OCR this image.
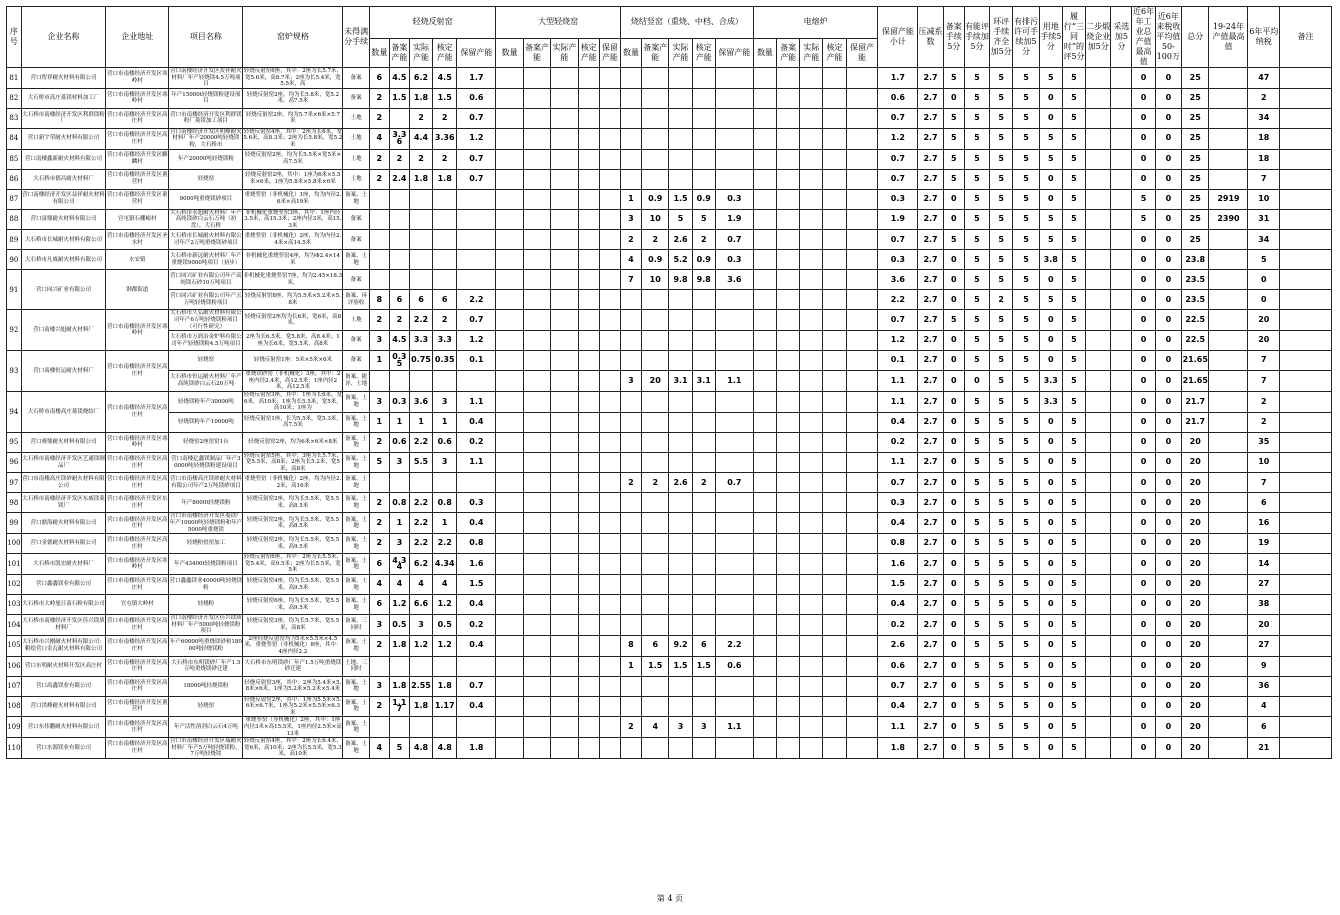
序号	企业名称	企业地址	项目名称	窑炉规格	未得满分手续	轻烧反射窑					大型轻烧窑					烧结竖窑（重烧、中档、合成）					电熔炉					保留产能小计	压减系数	备案手续5分	有能评手续加5分	环评手续齐全加5分	有排污许可手续加5分	用地手续5分	履行“三同时”的评5分	二步煅烧企业加5分	采选加5分	近6年年工业总产值最高值	近6年来税收平均值50-100万	总分	19-24年产值最高值	6年平均纳税	备注
						数量	备案产能	实际产能	核定产能	保留产能	数量	备案产能	实际产能	核定产能	保留产能	数量	备案产能	实际产能	核定产能	保留产能	数量	备案产能	实际产能	核定产能	保留产能																
81	营口贺祥耐火材料有限公司	营口市南楼经济开发区寒岭村	营口南楼经济开发区贺祥耐火材料厂年产轻烧镁4.5万吨项目	轻烧反射窑6座，其中：2座为长5.7米，宽5.6米，高8.7米；2座为长5.4米，宽5.5米，高	备案	6	4.5	6.2	4.5	1.7																1.7	2.7	5	5	5	5	5	5			0	0	25		47	
82	大石桥市高庄菱镁材料加工厂	营口市南楼经济开发区寒岭村	年产15000t轻烧镁粉建设项目	轻烧反射窑2座，均为长5.8米，宽5.2米，高7.5米	备案	2	1.5	1.8	1.5	0.6																0.6	2.7	0	5	5	5	0	5			0	0	25		2	
83	大石桥市南楼经济开发区利群镁粉厂	营口市南楼经济开发区高庄村	营口市南楼经济开发区利群镁粉厂菱镁加工项目	轻烧反射窑2座，均为5.7米×6米×5.7米	土地	2		2	2	0.7																0.7	2.7	5	5	5	5	0	5			0	0	25		34	
84	营口新宇荣耐火材料有限公司	营口市南楼经济开发区高庄村	营口南楼经济开发区明峰耐火材料厂年产20000吨轻烧镁粉，大石桥市	轻烧反射窑4座，其中：2座为长6米，宽5.6米，高8.3米；2座为长5.8米，宽5.2米	土地	4	3.36	4.4	3.36	1.2																1.2	2.7	5	5	5	5	5	5			0	0	25		18	
85	营口南楼鑫新耐火材料有限公司	营口市南楼经济开发区麒麟村	年产20000吨轻烧镁粉	轻烧反射窑2座，均为长5.5米×宽5米×高7.5米	土地	2	2	2	2	0.7																0.7	2.7	5	5	5	5	5	5			0	0	25		18	
86	大石桥市德昌耐火材料厂	营口市南楼经济开发区董营村	轻烧窑	轻烧反射窑2座，其中：1座为6米×5.5米×6米，1座为5.8米×5.8米×6米	土地	2	2.4	1.8	1.8	0.7																0.7	2.7	5	5	5	5	0	5			0	0	25		7	
87	营口南楼经济开发区益祥耐火材料有限公司	营口市南楼经济开发区董营村	9000吨重烧镁砂项目	重烧竖窑（非机械化）1座，均为内径2.6米×高19米	备案、土地											1	0.9	1.5	0.9	0.3						0.3	2.7	0	5	5	5	0	5			5	0	25	2919	10	
88	营口富鼎耐火材料有限公司	官屯镇石棚峪村	大石桥市永旭耐火材料厂年产高纯镁砂白云石万吨（初盘），大石桥	非机械化重烧竖窑3座，其中：1座内径3.5米，高15.3米；2座内径3米，高15.3米	备案											3	10	5	5	1.9						1.9	2.7	0	5	5	5	5	5			5	0	25	2390	31	
89	大石桥市长城耐火材料有限公司	营口市南楼经济开发区圣水村	大石桥市长城耐火材料有限公司年产2万吨重烧镁砂项目	重烧竖窑（非机械化）2座，均为内径2.4米×高14.5米	备案											2	2	2.6	2	0.7						0.7	2.7	5	5	5	5	5	5			0	0	25		34	
90	大石桥市凡威耐火材料有限公司	水安镇	大石桥市新远耐火材料厂年产重烧镁9000吨项目（初步）	非机械化重烧竖窑4座，均为Φ2.4×14米	备案、土地											4	0.9	5.2	0.9	0.3						0.3	2.7	0	5	5	5	3.8	5			0	0	23.8		5	
91	营口同兴矿业有限公司	钢都街道	营口同兴矿业有限公司年产高纯镁石砂10万吨项目	非机械化重烧竖窑7座，均为2.45×18.3米，	备案											7	10	9.8	9.8	3.6						3.6	2.7	0	5	5	5	0	5			0	0	23.5		0	
			营口同兴矿业有限公司年产五万吨轻烧镁粉项目	轻烧反射窑8座，均为5.5米×5.2米×5.8米	备案、环评验收	8	6	6	6	2.2																2.2	2.7	0	5	2	5	5	5			0	0	23.5		0	
92	营口南楼兴旭耐火材料厂	营口市南楼经济开发区寒岭村	大石桥市久弘耐火材料有限公司年产6万吨轻烧镁粉项目（可行性研究）	轻烧反射窑2座均为长6米，宽6米，高8米。	土地	2	2	2.2	2	0.7																0.7	2.7	5	5	5	5	0	5			0	0	22.5		20	
			大石桥市万润冶金炉料有限公司年产轻烧镁粉4.5万吨项目	2座为长6.5米，宽5.8米，高8.4米；1座为长6米，宽5.5米，高8米	备案	3	4.5	3.3	3.3	1.2																1.2	2.7	0	5	5	5	0	5			0	0	22.5		20	
93	营口南楼恒运耐火材料厂	营口市南楼经济开发区高庄村	轻烧窑	轻烧反射窑1座：5米×5米×6米	备案	1	0.35	0.75	0.35	0.1																0.1	2.7	0	5	5	5	0	5			0	0	21.65		7	
			大石桥市恒运耐火材料厂年产高纯镁砂白云石20万吨	重烧镁砂窑（非机械化）3座，其中：2座内径2.4米，高12.5米；1座内径2米，高12.5米	备案、能评、土地											3	20	3.1	3.1	1.1						1.1	2.7	0	0	5	5	3.3	5			0	0	21.65		7	
94	大石桥市南楼高庄菱镁烧结厂	营口市南楼经济开发区高庄村	轻烧镁粉年产30000吨	轻烧反射窑3座，其中：1座为长6米，宽6米，高10米；1座为长5.5米，宽5米，高10米；1座为	备案、土地	3	0.3	3.6	3	1.1																1.1	2.7	0	5	5	5	3.3	5			0	0	21.7		2	
			轻烧镁粉年产10000吨	轻烧反射窑1座，长为5.5米，宽5.3米，高7.5米	备案、土地	1	1	1	1	0.4																0.4	2.7	0	5	5	5	0	5			0	0	21.7		2	
95	营口赛鼎耐火材料有限公司	营口市南楼经济开发区寒岭村	轻烧窑2座窑窑1台	轻烧反射窑2座，均为6米×6米×8米	备案、土地	2	0.6	2.2	0.6	0.2																0.2	2.7	0	5	5	5	0	5			0	0	20		35	
96	大石桥市南楼经济开发区艺通镁制品厂	营口市南楼经济开发区高庄村	营口南楼亿鑫镁制品厂年产30000吨轻烧镁粉建设项目	轻烧反射窑5座，其中：3座为长5.7米，宽5.5米，高8米；2座为长5.2米，宽5米，高8米	备案、土地	5	3	5.5	3	1.1																1.1	2.7	0	5	5	5	0	5			0	0	20		10	
97	营口市南楼高庄镁砂耐火材料有限公司	营口市南楼经济开发区高庄村	营口市南楼高庄镁砂耐火材料有限公司年产2万吨镁砂项目	重烧竖窑（非机械化）2座，均为内径2.2米，高16米	备案、土地											2	2	2.6	2	0.7						0.7	2.7	0	5	5	5	0	5			0	0	20		7	
98	大石桥市南楼经济开发区东威镁菱镁厂	营口市南楼经济开发区东庄村	年产8000t轻烧镁粉	轻烧反射窑2座，均为长5.5米，宽5.5米，高8.5米	备案、土地	2	0.8	2.2	0.8	0.3																0.3	2.7	0	5	5	5	0	5			0	0	20		6	
99	营口鼎海耐火材料有限公司	营口市南楼经济开发区高庄村	营口市南楼经济开发区菱镁厂年产10000吨轻烧镁粉和年产5000吨重烧镁	轻烧反射窑2座，均为长5.5米，宽5.5米，高8.5米	备案、土地	2	1	2.2	1	0.4																0.4	2.7	0	5	5	5	0	5			0	0	20		16	
100	营口金德耐火材料有限公司	营口市南楼经济开发区高庄村	轻烧粉窑窑加工	轻烧反射窑2座，均为长5.5米，宽5.5米，高9.5米	备案、土地	2	3	2.2	2.2	0.8																0.8	2.7	0	5	5	5	0	5			0	0	20		19	
101	大石桥市凯宏耐火材料厂	营口市南楼经济开发区寒岭村	年产43400t轻烧镁粉项目	轻烧反射窑6座，其中：2座为长5.5米，宽5.4米，高9.5米；2座为长5.5米，宽5米	备案、土地	6	4.34	6.2	4.34	1.6																1.6	2.7	0	5	5	5	0	5			0	0	20		14	
102	营口鑫鑫镁业有限公司	营口市南楼经济开发区高庄村	营口鑫鑫镁业40000吨轻烧镁粉	轻烧反射窑4座，均为长5.5米，宽5.5米，高9.5米	备案、土地	4	4	4	4	1.5																1.5	2.7	0	5	5	5	0	5			0	0	20		27	
103	大石桥市大岭旭日南石粉有限公司	官屯镇大岭村	轻烧粉	轻烧反射窑6座，均为长5.5米，宽5.5米，高9.5米	备案、土地	6	1.2	6.6	1.2	0.4																0.4	2.7	0	5	5	5	0	5			0	0	20		38	
104	大石桥市南楼经济开发区佳兴镁质材料厂	营口市南楼经济开发区高庄村	营口南楼经济开发区佳兴镁质材料厂年产5000吨轻烧镁粉项目	轻烧反射窑3座，均为长5.7米，宽5.5米，高8米	备案、三同时	3	0.5	3	0.5	0.2																0.2	2.7	0	5	5	5	0	5			0	0	20		20	
105	大石桥市兴刚耐火材料有限公司：粮绘营口金瓦耐火材料有限公司	营口市南楼经济开发区高庄村	年产60000吨重烧镁砂和18000吨轻烧镁粉	2座轻烧反射窑均为5米×5.5米×4.5米，重烧竖窑（非机械化）8座，其中：4座内径2.2	备案、土地	2	1.8	1.2	1.2	0.4						8	6	9.2	6	2.2						2.6	2.7	0	5	5	5	0	5			0	0	20		27	
106	营口东明耐火材料开发区高庄村	营口市南楼经济开发区高庄村	大石桥市东明镁砂厂年产1.5万吨重烧镁砂迁建	大石桥市东明镁砂厂年产1.5万吨重烧镁砂迁建	土地、三同时											1	1.5	1.5	1.5	0.6						0.6	2.7	0	5	5	5	0	5			0	0	20		9	
107	营口高鑫镁业有限公司	营口市南楼经济开发区高庄村	18000吨轻烧镁粉	轻烧反射窑3座，其中：2座为5.4米×5.8米×6米，1座为5.2米×5.2米×5.4米	备案、土地	3	1.8	2.55	1.8	0.7																0.7	2.7	0	5	5	5	0	5			0	0	20		36	
108	营口洪峰耐火材料有限公司	营口市南楼经济开发区董营村	轻烧窑	轻烧反射窑2座，其中：1座为5.5米×5.6米×6.7米，1座为5.2米×5.5米×6.3米	备案、土地	2	1.17	1.8	1.17	0.4																0.4	2.7	0	5	5	5	0	5			0	0	20		4	
109	营口东伟鹏耐火材料有限公司	营口市南楼经济开发区高庄村	年产活性溶剂白云石4万吨	重烧竖窑（非机械化）2座，其中：1座内径3米×高15.5米，1座内径2.5米×高13米	备案、土地											2	4	3	3	1.1						1.1	2.7	0	5	5	5	0	5			0	0	20		6	
110	营口水源镁业有限公司	营口市南楼经济开发区高庄村	营口市南楼经济开发区瑞耐火材料厂年产5万吨轻烧镁粉，7万吨轻烧镁	轻烧反射窑4座，其中：2座为长6.4米，宽6米，高10米；2座为长5.5米，宽5.3米，高10米	备案、土地	4	5	4.8	4.8	1.8																1.8	2.7	0	5	5	5	0	5			0	0	20		21	
第 4 页
